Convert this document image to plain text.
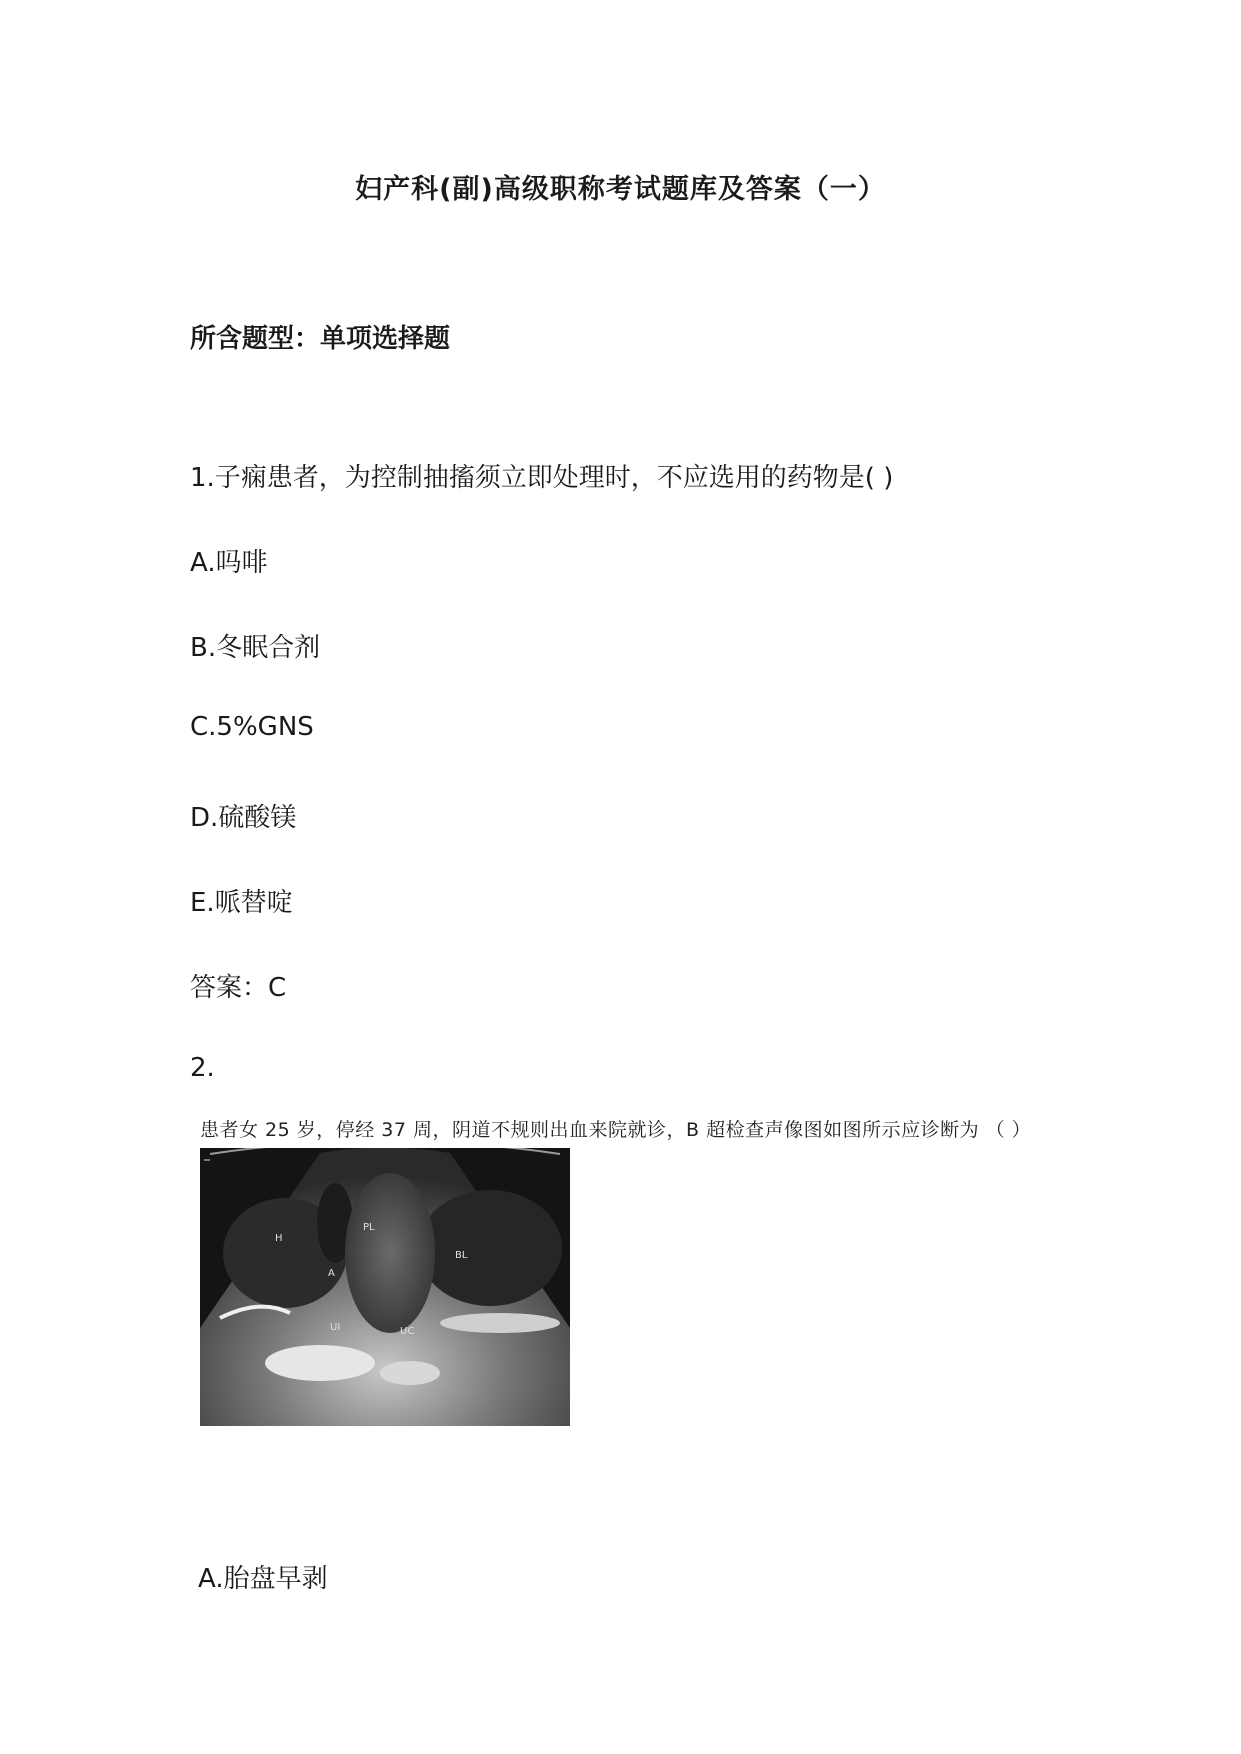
妇产科(副)高级职称考试题库及答案（一）
所含题型：单项选择题
1.子痫患者，为控制抽搐须立即处理时，不应选用的药物是( )
A.吗啡
B.冬眠合剂
C.5%GNS
D.硫酸镁
E.哌替啶
答案：C
2.
患者女 25 岁，停经 37 周，阴道不规则出血来院就诊，B 超检查声像图如图所示应诊断为 （ ）
H
PL
BL
A
UC
UI
A.胎盘早剥
